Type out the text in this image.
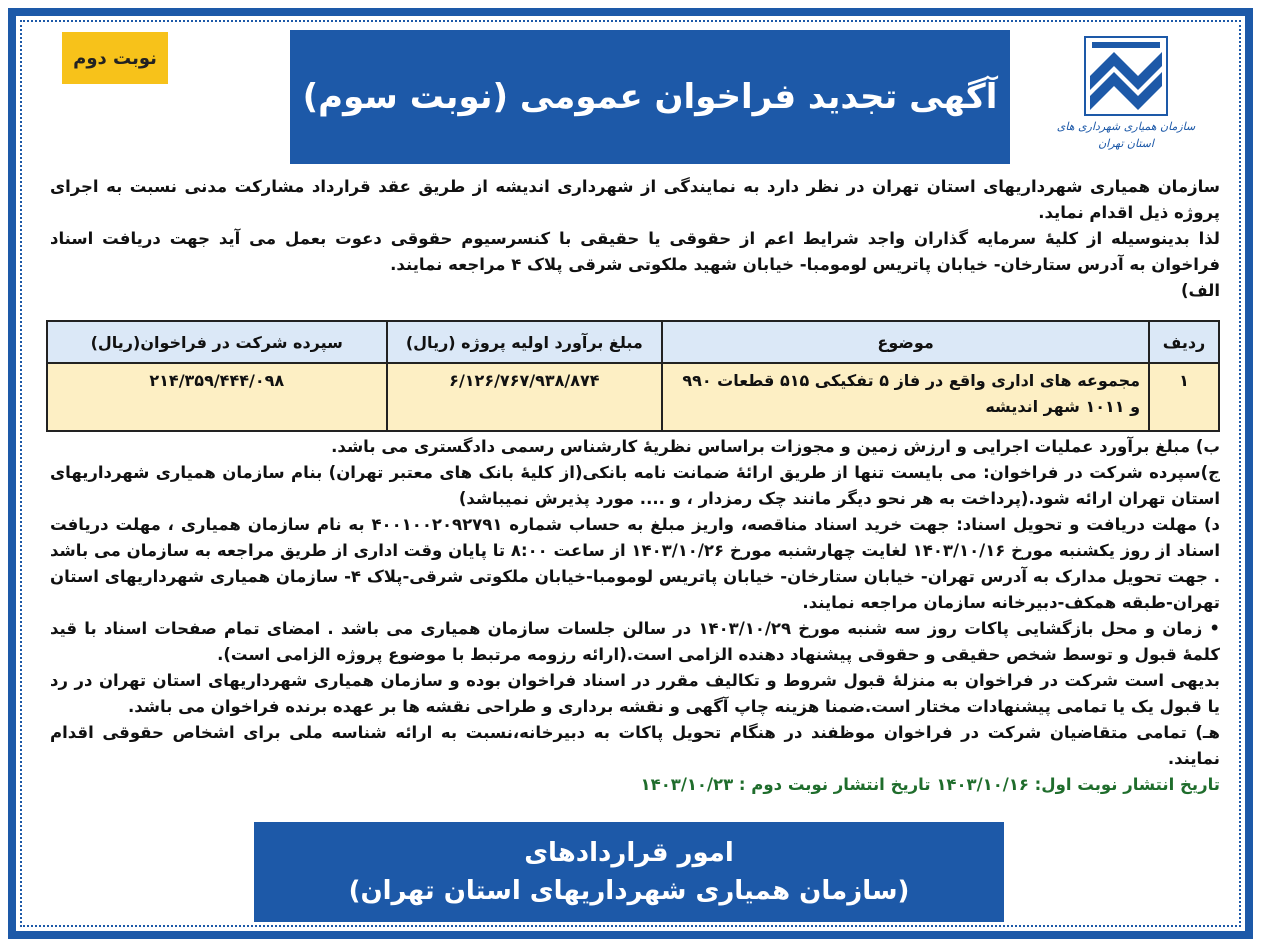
سازمان همیاری شهرداری های
استان تهران
آگهی تجدید فراخوان عمومی (نوبت سوم)
نوبت دوم

سازمان همیاری شهرداریهای استان تهران در نظر دارد به نمایندگی از شهرداری اندیشه از طریق عقد قرارداد مشارکت مدنی نسبت به اجرای پروژه ذیل اقدام نماید.

لذا بدینوسیله از کلیهٔ سرمایه گذاران واجد شرایط اعم از حقوقی یا حقیقی با کنسرسیوم حقوقی دعوت بعمل می آید جهت دریافت اسناد فراخوان به آدرس ستارخان- خیابان پاتریس لومومبا- خیابان شهید ملکوتی شرقی پلاک ۴ مراجعه نمایند.

الف)

ردیف	موضوع	مبلغ برآورد اولیه پروژه (ریال)	سپرده شرکت در فراخوان(ریال)
۱	مجموعه های اداری واقع در فاز ۵ تفکیکی ۵۱۵ قطعات ۹۹۰ و ۱۰۱۱ شهر اندیشه	۶/۱۲۶/۷۶۷/۹۳۸/۸۷۴	۲۱۴/۳۵۹/۴۴۴/۰۹۸

ب) مبلغ برآورد عملیات اجرایی و ارزش زمین و مجوزات براساس نظریهٔ کارشناس رسمی دادگستری می باشد.

ج)سپرده شرکت در فراخوان: می بایست تنها از طریق ارائهٔ ضمانت نامه بانکی(از کلیهٔ بانک های معتبر تهران) بنام سازمان همیاری شهرداریهای استان تهران ارائه شود.(پرداخت به هر نحو دیگر مانند چک رمزدار ، و .... مورد پذیرش نمیباشد)

د) مهلت دریافت و تحویل اسناد: جهت خرید اسناد مناقصه، واریز مبلغ به حساب شماره ۴۰۰۱۰۰۲۰۹۲۷۹۱ به نام سازمان همیاری ، مهلت دریافت اسناد از روز یکشنبه مورخ ۱۴۰۳/۱۰/۱۶ لغایت چهارشنبه مورخ ۱۴۰۳/۱۰/۲۶ از ساعت ۸:۰۰ تا پایان وقت اداری از طریق مراجعه به سازمان می باشد . جهت تحویل مدارک به آدرس تهران- خیابان ستارخان- خیابان پاتریس لومومبا-خیابان ملکوتی شرقی-پلاک ۴- سازمان همیاری شهرداریهای استان تهران-طبقه همکف-دبیرخانه سازمان مراجعه نمایند.

• زمان و محل بازگشایی پاکات روز سه شنبه مورخ ۱۴۰۳/۱۰/۲۹ در سالن جلسات سازمان همیاری می باشد . امضای تمام صفحات اسناد با قید کلمهٔ قبول و توسط شخص حقیقی و حقوقی پیشنهاد دهنده الزامی است.(ارائه رزومه مرتبط با موضوع پروژه الزامی است).

بدیهی است شرکت در فراخوان به منزلهٔ قبول شروط و تکالیف مقرر در اسناد فراخوان بوده و سازمان همیاری شهرداریهای استان تهران در رد یا قبول یک یا تمامی پیشنهادات مختار است.ضمنا هزینه چاپ آگهی و نقشه برداری و طراحی نقشه ها بر عهده برنده فراخوان می باشد.

هـ) تمامی متقاضیان شرکت در فراخوان موظفند در هنگام تحویل پاکات به دبیرخانه،نسبت به ارائه شناسه ملی برای اشخاص حقوقی اقدام نمایند.

تاریخ انتشار نوبت اول: ۱۴۰۳/۱۰/۱۶ تاریخ انتشار نوبت دوم : ۱۴۰۳/۱۰/۲۳

امور قراردادهای
(سازمان همیاری شهرداریهای استان تهران)
